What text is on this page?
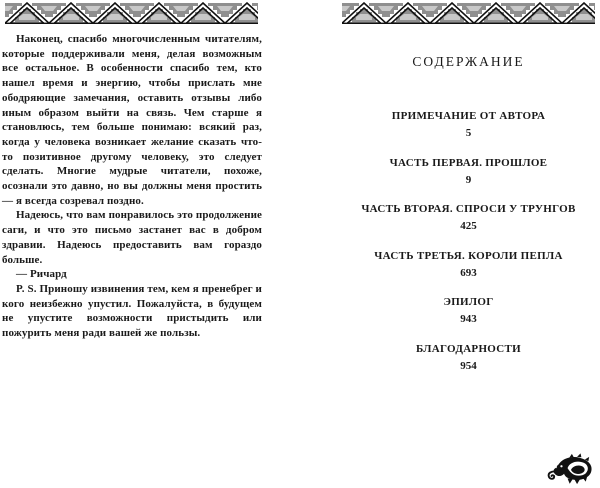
Наконец, спасибо многочисленным читателям, которые поддерживали меня, делая возможным все остальное. В особенности спасибо тем, кто нашел время и энергию, чтобы прислать мне ободряющие замечания, оставить отзывы либо иным образом выйти на связь. Чем старше я становлюсь, тем больше понимаю: всякий раз, когда у человека возникает желание сказать что-то позитивное другому человеку, это следует сделать. Многие мудрые читатели, похоже, осознали это давно, но вы должны меня простить — я всегда созревал поздно.

Надеюсь, что вам понравилось это продолжение саги, и что это письмо застанет вас в добром здравии. Надеюсь предоставить вам гораздо больше.

— Ричард

P. S. Приношу извинения тем, кем я пренебрег и кого неизбежно упустил. Пожалуйста, в будущем не упустите возможности пристыдить или пожурить меня ради вашей же пользы.

СОДЕРЖАНИЕ
ПРИМЕЧАНИЕ ОТ АВТОРА
5
ЧАСТЬ ПЕРВАЯ. ПРОШЛОЕ
9
ЧАСТЬ ВТОРАЯ. СПРОСИ У ТРУНГОВ
425
ЧАСТЬ ТРЕТЬЯ. КОРОЛИ ПЕПЛА
693
ЭПИЛОГ
943
БЛАГОДАРНОСТИ
954
